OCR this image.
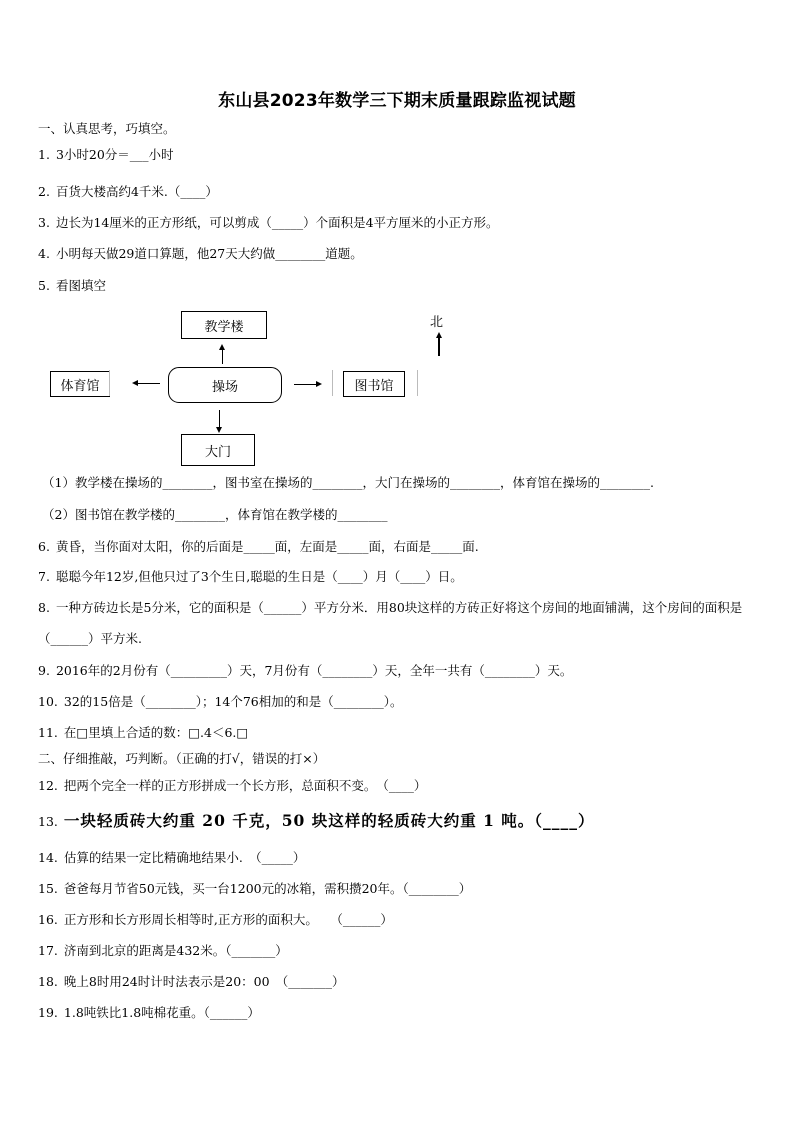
东山县2023年数学三下期末质量跟踪监视试题
一、认真思考，巧填空。
1. 3小时20分＝___小时
2. 百货大楼高约4千米.（____）
3. 边长为14厘米的正方形纸，可以剪成（_____）个面积是4平方厘米的小正方形。
4. 小明每天做29道口算题，他27天大约做________道题。
5. 看图填空
教学楼
体育馆	操场	图书馆
大门
北
（1）教学楼在操场的________，图书室在操场的________，大门在操场的________，体育馆在操场的________.
（2）图书馆在教学楼的________，体育馆在教学楼的________
6. 黄昏，当你面对太阳，你的后面是_____面，左面是_____面，右面是_____面.
7. 聪聪今年12岁,但他只过了3个生日,聪聪的生日是（____）月（____）日。
8. 一种方砖边长是5分米，它的面积是（______）平方分米．用80块这样的方砖正好将这个房间的地面铺满，这个房间的面积是（______）平方米.
9. 2016年的2月份有（_________）天，7月份有（________）天，全年一共有（________）天。
10. 32的15倍是（________）；14个76相加的和是（________）。
11. 在□里填上合适的数：□.4＜6.□
二、仔细推敲，巧判断。（正确的打√，错误的打×）
12. 把两个完全一样的正方形拼成一个长方形，总面积不变。　（____）
13. 一块轻质砖大约重 20 千克，50 块这样的轻质砖大约重 1 吨。（____）
14. 估算的结果一定比精确地结果小.　（_____）
15. 爸爸每月节省50元钱，买一台1200元的冰箱，需积攒20年。（________）
16. 正方形和长方形周长相等时,正方形的面积大。　　（______）
17. 济南到北京的距离是432米。（_______）
18. 晚上8时用24时计时法表示是20：00　（_______）
19. 1.8吨铁比1.8吨棉花重。（______）
